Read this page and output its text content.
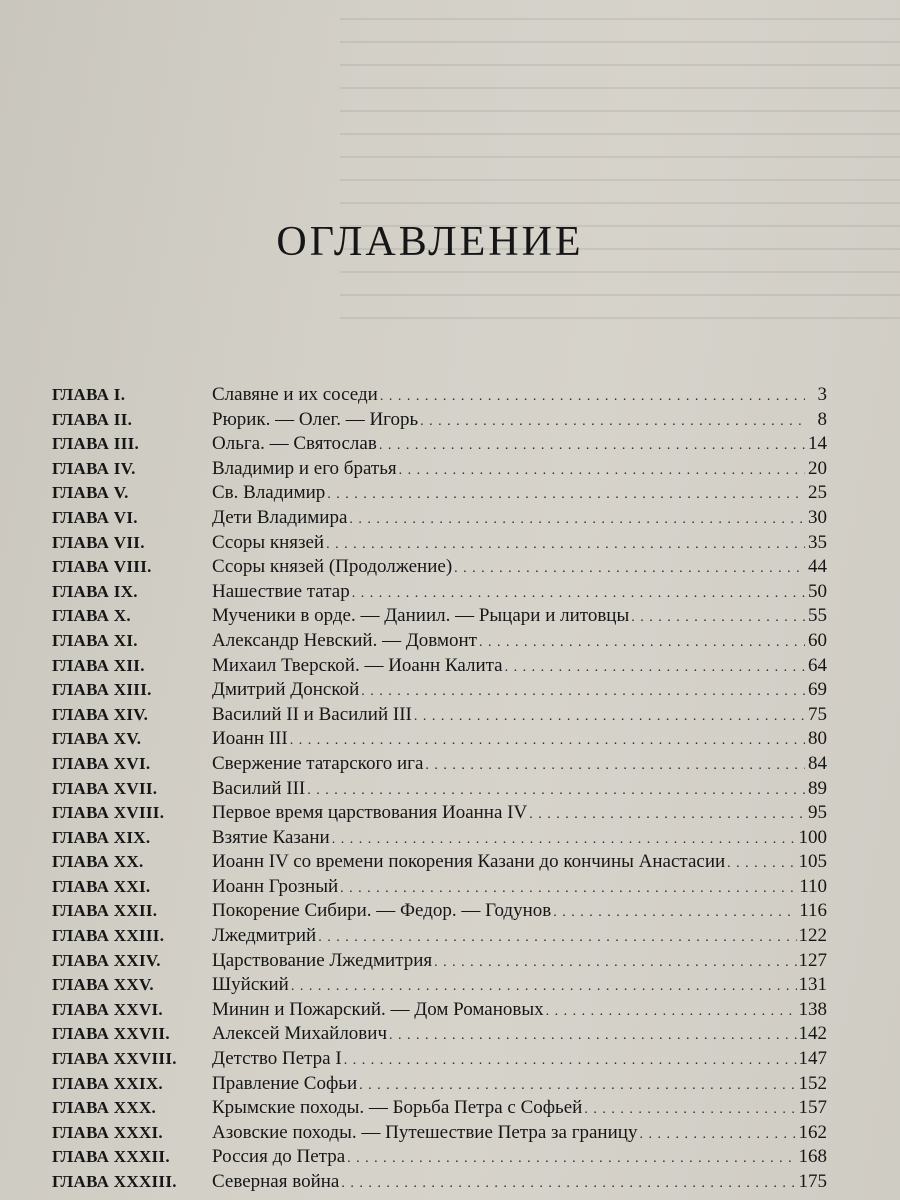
ОГЛАВЛЕНИЕ
ГЛАВА I.	Славяне и их соседи . . .	3
ГЛАВА II.	Рюрик. — Олег. — Игорь . . .	8
ГЛАВА III.	Ольга. — Святослав . . .	14
ГЛАВА IV.	Владимир и его братья . . .	20
ГЛАВА V.	Св. Владимир . . .	25
ГЛАВА VI.	Дети Владимира . . .	30
ГЛАВА VII.	Ссоры князей . . .	35
ГЛАВА VIII.	Ссоры князей (Продолжение) . . .	44
ГЛАВА IX.	Нашествие татар . . .	50
ГЛАВА X.	Мученики в орде. — Даниил. — Рыцари и литовцы . . .	55
ГЛАВА XI.	Александр Невский. — Довмонт . . .	60
ГЛАВА XII.	Михаил Тверской. — Иоанн Калита . . .	64
ГЛАВА XIII.	Дмитрий Донской . . .	69
ГЛАВА XIV.	Василий II и Василий III . . .	75
ГЛАВА XV.	Иоанн III . . .	80
ГЛАВА XVI.	Свержение татарского ига . . .	84
ГЛАВА XVII.	Василий III . . .	89
ГЛАВА XVIII.	Первое время царствования Иоанна IV . . .	95
ГЛАВА XIX.	Взятие Казани . . .	100
ГЛАВА XX.	Иоанн IV со времени покорения Казани до кончины Анастасии . . .	105
ГЛАВА XXI.	Иоанн Грозный . . .	110
ГЛАВА XXII.	Покорение Сибири. — Федор. — Годунов . . .	116
ГЛАВА XXIII.	Лжедмитрий . . .	122
ГЛАВА XXIV.	Царствование Лжедмитрия . . .	127
ГЛАВА XXV.	Шуйский . . .	131
ГЛАВА XXVI.	Минин и Пожарский. — Дом Романовых . . .	138
ГЛАВА XXVII.	Алексей Михайлович . . .	142
ГЛАВА XXVIII.	Детство Петра I . . .	147
ГЛАВА XXIX.	Правление Софьи . . .	152
ГЛАВА XXX.	Крымские походы. — Борьба Петра с Софьей . . .	157
ГЛАВА XXXI.	Азовские походы. — Путешествие Петра за границу . . .	162
ГЛАВА XXXII.	Россия до Петра . . .	168
ГЛАВА XXXIII.	Северная война . . .	175
